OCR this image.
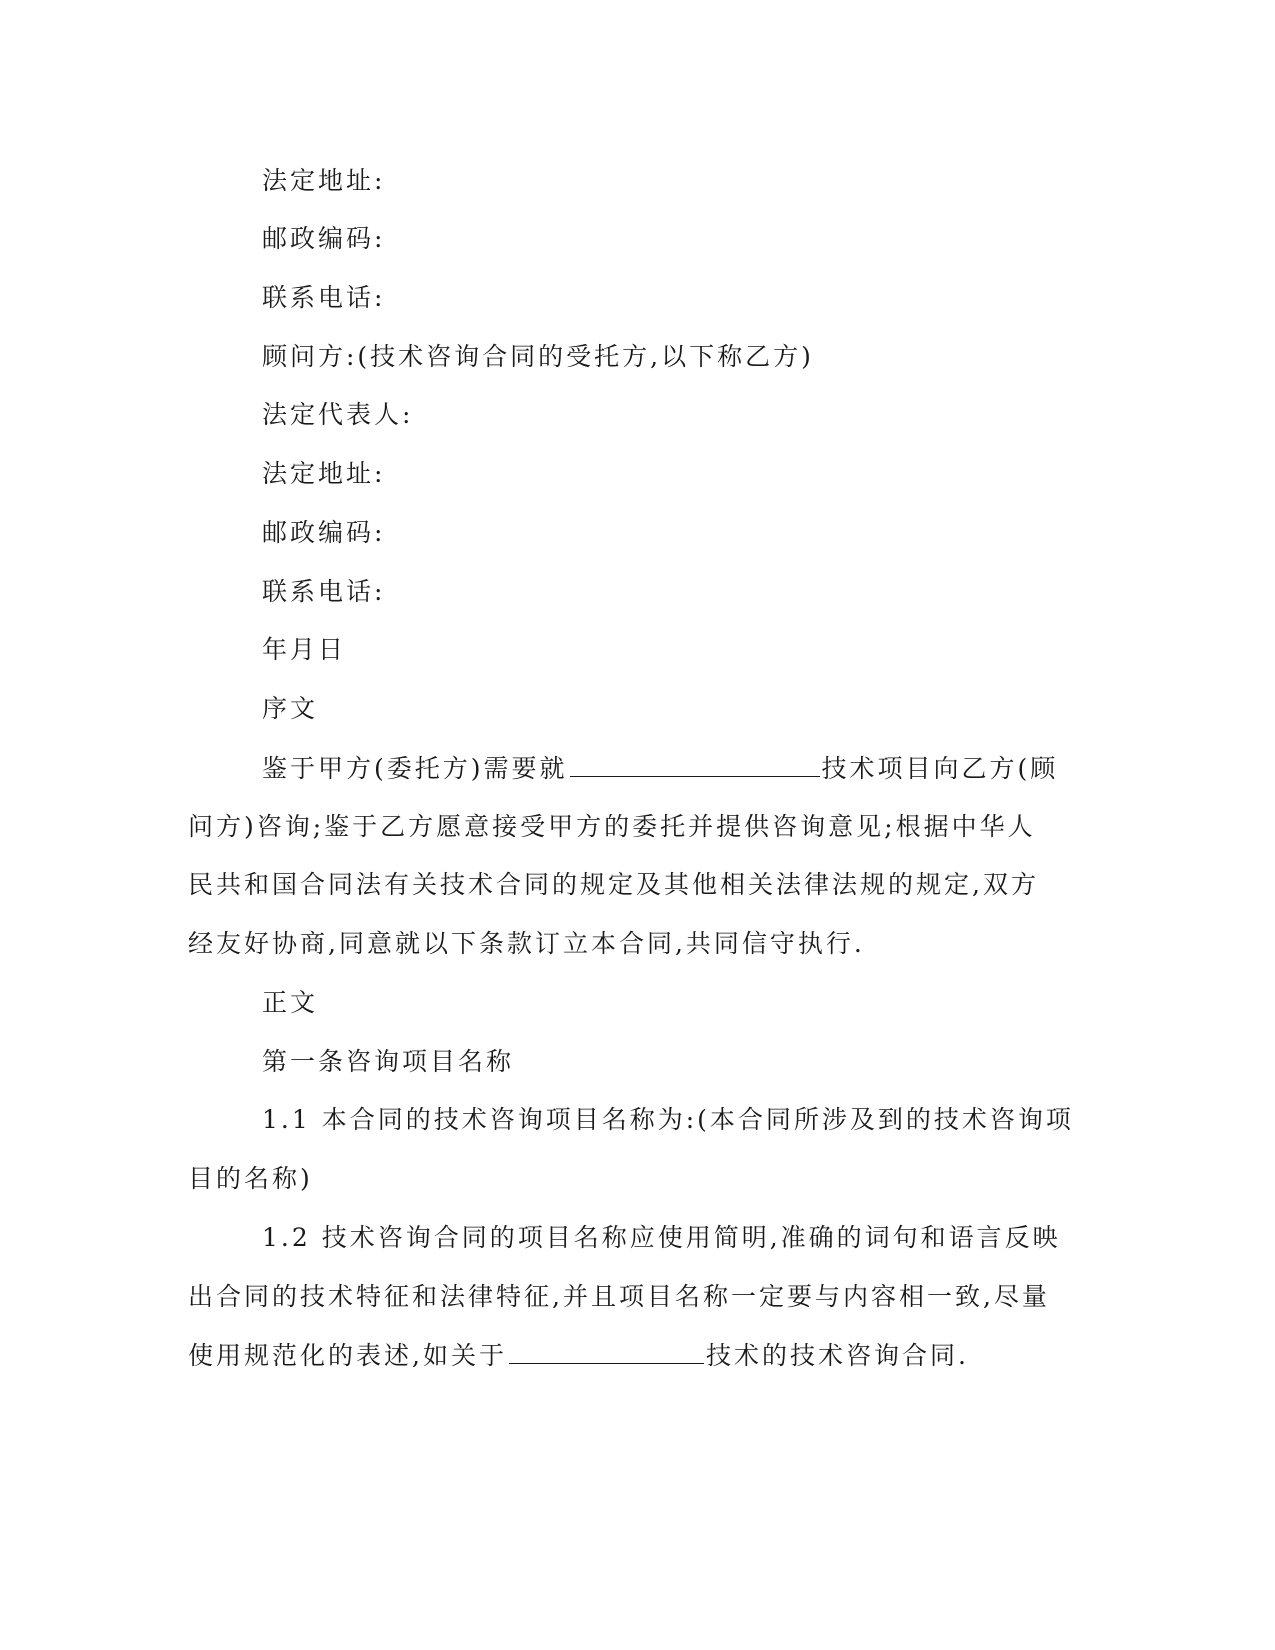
法定地址:
邮政编码:
联系电话:
顾问方:(技术咨询合同的受托方,以下称乙方)
法定代表人:
法定地址:
邮政编码:
联系电话:
年月日
序文
鉴于甲方(委托方)需要就	技术项目向乙方(顾
问方)咨询;鉴于乙方愿意接受甲方的委托并提供咨询意见;根据中华人
民共和国合同法有关技术合同的规定及其他相关法律法规的规定,双方
经友好协商,同意就以下条款订立本合同,共同信守执行.
正文
第一条咨询项目名称
1.1 本合同的技术咨询项目名称为:(本合同所涉及到的技术咨询项
目的名称)
1.2 技术咨询合同的项目名称应使用简明,准确的词句和语言反映
出合同的技术特征和法律特征,并且项目名称一定要与内容相一致,尽量
使用规范化的表述,如关于	技术的技术咨询合同.
